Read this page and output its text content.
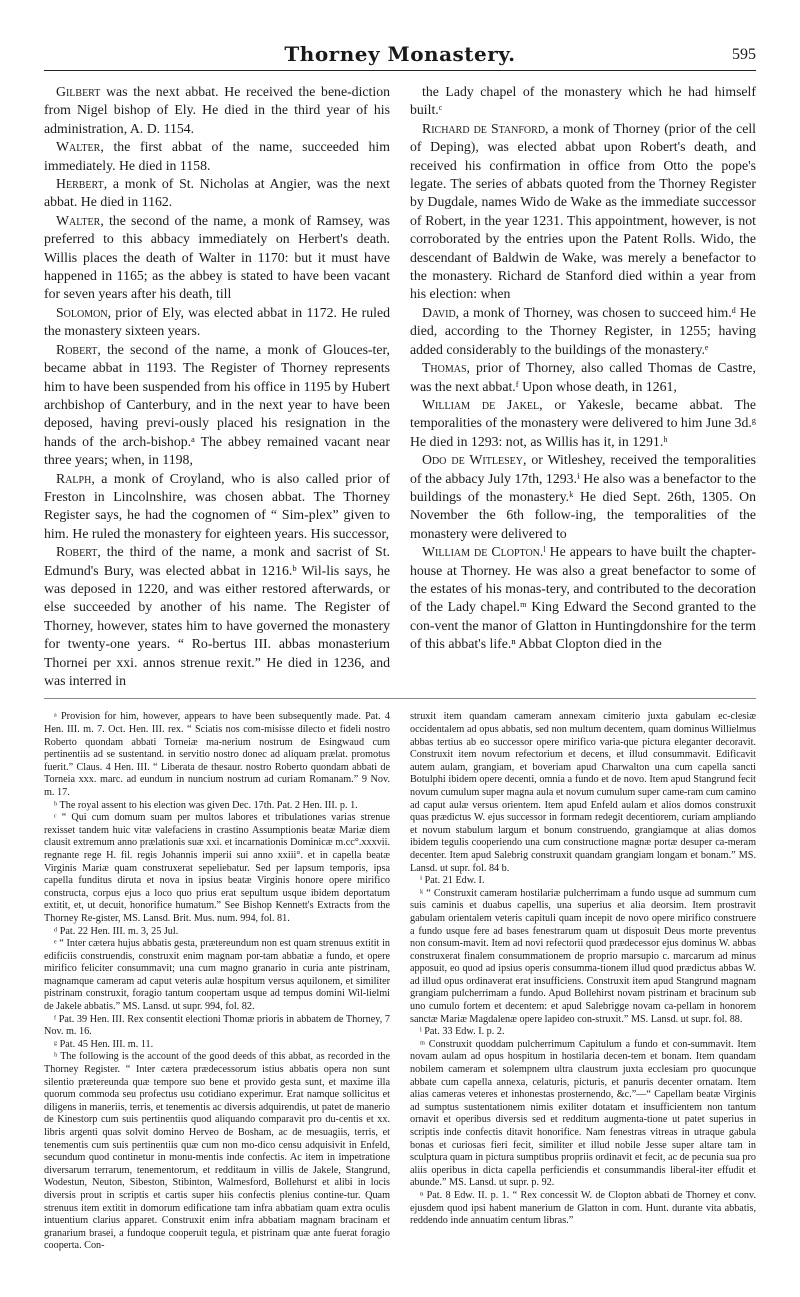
Thorney Monastery.	595

Gilbert was the next abbat. He received the bene-diction from Nigel bishop of Ely. He died in the third year of his administration, A. D. 1154.

Walter, the first abbat of the name, succeeded him immediately. He died in 1158.

Herbert, a monk of St. Nicholas at Angier, was the next abbat. He died in 1162.

Walter, the second of the name, a monk of Ramsey, was preferred to this abbacy immediately on Herbert's death. Willis places the death of Walter in 1170: but it must have happened in 1165; as the abbey is stated to have been vacant for seven years after his death, till

Solomon, prior of Ely, was elected abbat in 1172. He ruled the monastery sixteen years.

Robert, the second of the name, a monk of Glouces-ter, became abbat in 1193. The Register of Thorney represents him to have been suspended from his office in 1195 by Hubert archbishop of Canterbury, and in the next year to have been deposed, having previ-ously placed his resignation in the hands of the arch-bishop.ᵃ The abbey remained vacant near three years; when, in 1198,

Ralph, a monk of Croyland, who is also called prior of Freston in Lincolnshire, was chosen abbat. The Thorney Register says, he had the cognomen of “ Sim-plex” given to him. He ruled the monastery for eighteen years. His successor,

Robert, the third of the name, a monk and sacrist of St. Edmund's Bury, was elected abbat in 1216.ᵇ Wil-lis says, he was deposed in 1220, and was either restored afterwards, or else succeeded by another of his name. The Register of Thorney, however, states him to have governed the monastery for twenty-one years. “ Ro-bertus III. abbas monasterium Thornei per xxi. annos strenue rexit.” He died in 1236, and was interred in

the Lady chapel of the monastery which he had himself built.ᶜ

Richard de Stanford, a monk of Thorney (prior of the cell of Deping), was elected abbat upon Robert's death, and received his confirmation in office from Otto the pope's legate. The series of abbats quoted from the Thorney Register by Dugdale, names Wido de Wake as the immediate successor of Robert, in the year 1231. This appointment, however, is not corroborated by the entries upon the Patent Rolls. Wido, the descendant of Baldwin de Wake, was merely a benefactor to the monastery. Richard de Stanford died within a year from his election: when

David, a monk of Thorney, was chosen to succeed him.ᵈ He died, according to the Thorney Register, in 1255; having added considerably to the buildings of the monastery.ᵉ

Thomas, prior of Thorney, also called Thomas de Castre, was the next abbat.ᶠ Upon whose death, in 1261,

William de Jakel, or Yakesle, became abbat. The temporalities of the monastery were delivered to him June 3d.ᵍ He died in 1293: not, as Willis has it, in 1291.ʰ

Odo de Witlesey, or Witleshey, received the temporalities of the abbacy July 17th, 1293.ⁱ He also was a benefactor to the buildings of the monastery.ᵏ He died Sept. 26th, 1305. On November the 6th follow-ing, the temporalities of the monastery were delivered to

William de Clopton.ˡ He appears to have built the chapter-house at Thorney. He was also a great benefactor to some of the estates of his monas-tery, and contributed to the decoration of the Lady chapel.ᵐ King Edward the Second granted to the con-vent the manor of Glatton in Huntingdonshire for the term of this abbat's life.ⁿ Abbat Clopton died in the

ᵃ Provision for him, however, appears to have been subsequently made. Pat. 4 Hen. III. m. 7. Oct. Hen. III. rex. “ Sciatis nos com-misisse dilecto et fideli nostro Roberto quondam abbati Torneiæ ma-nerium nostrum de Esingwaud cum pertinentiis ad se sustentand. in servitio nostro donec ad aliquam prælat. promotus fuerit.” Claus. 4 Hen. III. “ Liberata de thesaur. nostro Roberto quondam abbati de Torneia xxx. marc. ad eundum in nuncium nostrum ad curiam Romanam.” 9 Nov. m. 17.

ᵇ The royal assent to his election was given Dec. 17th. Pat. 2 Hen. III. p. 1.

ᶜ “ Qui cum domum suam per multos labores et tribulationes varias strenue rexisset tandem huic vitæ valefaciens in crastino Assumptionis beatæ Mariæ diem clausit extremum anno prælationis suæ xxi. et incarnationis Dominicæ m.cc°.xxxvii. regnante rege H. fil. regis Johannis imperii sui anno xxiii°. et in capella beatæ Virginis Mariæ quam construxerat sepeliebatur. Sed per lapsum temporis, ipsa capella funditus diruta et nova in ipsius beatæ Virginis honore opere mirifico constructa, corpus ejus a loco quo prius erat sepultum usque ibidem deportatum extitit, et, ut decuit, honorifice humatum.” See Bishop Kennett's Extracts from the Thorney Re-gister, MS. Lansd. Brit. Mus. num. 994, fol. 81.

ᵈ Pat. 22 Hen. III. m. 3, 25 Jul.

ᵉ “ Inter cætera hujus abbatis gesta, prætereundum non est quam strenuus extitit in edificiis construendis, construxit enim magnam por-tam abbatiæ a fundo, et opere mirifico feliciter consummavit; una cum magno granario in curia ante pistrinam, magnamque cameram ad caput veteris aulæ hospitum versus aquilonem, et similiter pistrinam construxit, foragio tantum coopertam usque ad tempus domini Wil-lielmi de Jakele abbatis.” MS. Lansd. ut supr. 994, fol. 82.

ᶠ Pat. 39 Hen. III. Rex consentit electioni Thomæ prioris in abbatem de Thorney, 7 Nov. m. 16.

ᵍ Pat. 45 Hen. III. m. 11.

ʰ The following is the account of the good deeds of this abbat, as recorded in the Thorney Register. “ Inter cætera prædecessorum istius abbatis opera non sunt silentio prætereunda quæ tempore suo bene et provido gesta sunt, et maxime illa quorum commoda seu profectus usu cotidiano experimur. Erat namque sollicitus et diligens in maneriis, terris, et tenementis ac diversis adquirendis, ut patet de manerio de Kinestorp cum suis pertinentiis quod aliquando comparavit pro du-centis et xx. libris argenti quas solvit domino Herveo de Bosham, ac de mesuagiis, terris, et tenementis cum suis pertinentiis quæ cum non mo-dico censu adquisivit in Enfeld, secundum quod continetur in monu-mentis inde confectis. Ac item in impetratione diversarum terrarum, tenementorum, et redditaum in villis de Jakele, Stangrund, Wodestun, Neuton, Sibeston, Stibinton, Walmesford, Bollehurst et alibi in locis diversis prout in scriptis et cartis super hiis confectis plenius contine-tur. Quam strenuus item extitit in domorum edificatione tam infra abbatiam quam extra oculis intuentium clarius apparet. Construxit enim infra abbatiam magnam bracinam et granarium brasei, a fundoque cooperuit tegula, et pistrinam quæ ante fuerat foragio cooperta. Con-

struxit item quandam cameram annexam cimiterio juxta gabulam ec-clesiæ occidentalem ad opus abbatis, sed non multum decentem, quam dominus Willielmus abbas tertius ab eo successor opere mirifico varia-que pictura eleganter decoravit. Construxit item novum refectorium et decens, et illud consummavit. Edificavit autem aulam, grangiam, et boveriam apud Charwalton una cum capella sancti Botulphi ibidem opere decenti, omnia a fundo et de novo. Item apud Stangrund fecit novum cumulum super magna aula et novum cumulum super came-ram cum camino ad caput aulæ versus orientem. Item apud Enfeld aulam et alios domos construxit quas prædictus W. ejus successor in formam redegit decentiorem, curiam ampliando et novum stabulum largum et bonum construendo, grangiamque at alias domos ibidem tegulis cooperiendo una cum constructione magnæ portæ desuper ca-meram decenter. Item apud Salebrig construxit quandam grangiam longam et bonam.” MS. Lansd. ut supr. fol. 84 b.

ⁱ Pat. 21 Edw. I.

ᵏ “ Construxit cameram hostilariæ pulcherrimam a fundo usque ad summum cum suis caminis et duabus capellis, una superius et alia deorsim. Item prostravit gabulam orientalem veteris capituli quam incepit de novo opere mirifico construere a fundo usque fere ad bases fenestrarum quam ut disposuit Deus morte preventus non consum-mavit. Item ad novi refectorii quod prædecessor ejus dominus W. abbas construxerat finalem consummationem de proprio marsupio c. marcarum ad minus apposuit, eo quod ad ipsius operis consumma-tionem illud quod prædictus abbas W. ad illud opus ordinaverat erat insufficiens. Construxit item apud Stangrund magnam grangiam pulcherrimam a fundo. Apud Bollehirst novam pistrinam et bracinum sub uno cumulo fortem et decentem: et apud Salebrigge novam ca-pellam in honorem sanctæ Mariæ Magdalenæ opere lapideo con-struxit.” MS. Lansd. ut supr. fol. 88.

ˡ Pat. 33 Edw. I. p. 2.

ᵐ Construxit quoddam pulcherrimum Capitulum a fundo et con-summavit. Item novam aulam ad opus hospitum in hostilaria decen-tem et bonam. Item quandam nobilem cameram et solempnem ultra claustrum juxta ecclesiam pro quocunque abbate cum capella annexa, celaturis, picturis, et panuris decenter ornatam. Item alias cameras veteres et inhonestas prosternendo, &c.”—“ Capellam beatæ Virginis ad sumptus sustentationem nimis exiliter dotatam et insufficientem non tantum ornavit et operibus diversis sed et redditum augmenta-tione ut patet superius in scriptis inde confectis ditavit honorifice. Nam fenestras vitreas in utraque gabula bonas et curiosas fieri fecit, similiter et illud nobile Jesse super altare tam in sculptura quam in pictura sumptibus propriis ordinavit et fecit, ac de pecunia sua pro aliis operibus in dicta capella perficiendis et consummandis liberal-iter effudit et abunde.” MS. Lansd. ut supr. p. 92.

ⁿ Pat. 8 Edw. II. p. 1. “ Rex concessit W. de Clopton abbati de Thorney et conv. ejusdem quod ipsi habent manerium de Glatton in com. Hunt. durante vita abbatis, reddendo inde annuatim centum libras.”
